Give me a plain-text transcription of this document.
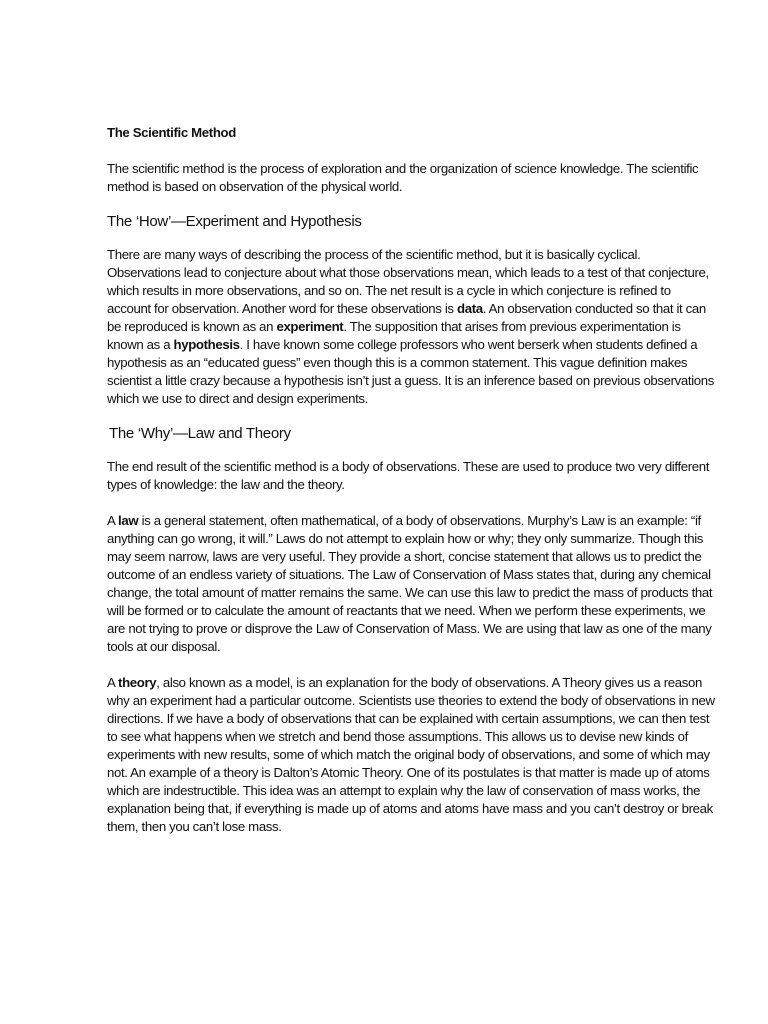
The Scientific Method

The scientific method is the process of exploration and the organization of science knowledge. The scientific method is based on observation of the physical world.

The ‘How’—Experiment and Hypothesis

There are many ways of describing the process of the scientific method, but it is basically cyclical. Observations lead to conjecture about what those observations mean, which leads to a test of that conjecture, which results in more observations, and so on. The net result is a cycle in which conjecture is refined to account for observation. Another word for these observations is data. An observation conducted so that it can be reproduced is known as an experiment. The supposition that arises from previous experimentation is known as a hypothesis. I have known some college professors who went berserk when students defined a hypothesis as an “educated guess” even though this is a common statement. This vague definition makes scientist a little crazy because a hypothesis isn’t just a guess. It is an inference based on previous observations which we use to direct and design experiments.

The ‘Why’—Law and Theory

The end result of the scientific method is a body of observations. These are used to produce two very different types of knowledge: the law and the theory.

A law is a general statement, often mathematical, of a body of observations. Murphy’s Law is an example: “if anything can go wrong, it will.” Laws do not attempt to explain how or why; they only summarize. Though this may seem narrow, laws are very useful. They provide a short, concise statement that allows us to predict the outcome of an endless variety of situations. The Law of Conservation of Mass states that, during any chemical change, the total amount of matter remains the same. We can use this law to predict the mass of products that will be formed or to calculate the amount of reactants that we need. When we perform these experiments, we are not trying to prove or disprove the Law of Conservation of Mass. We are using that law as one of the many tools at our disposal.

A theory, also known as a model, is an explanation for the body of observations. A Theory gives us a reason why an experiment had a particular outcome. Scientists use theories to extend the body of observations in new directions. If we have a body of observations that can be explained with certain assumptions, we can then test to see what happens when we stretch and bend those assumptions. This allows us to devise new kinds of experiments with new results, some of which match the original body of observations, and some of which may not. An example of a theory is Dalton’s Atomic Theory. One of its postulates is that matter is made up of atoms which are indestructible. This idea was an attempt to explain why the law of conservation of mass works, the explanation being that, if everything is made up of atoms and atoms have mass and you can’t destroy or break them, then you can’t lose mass.
